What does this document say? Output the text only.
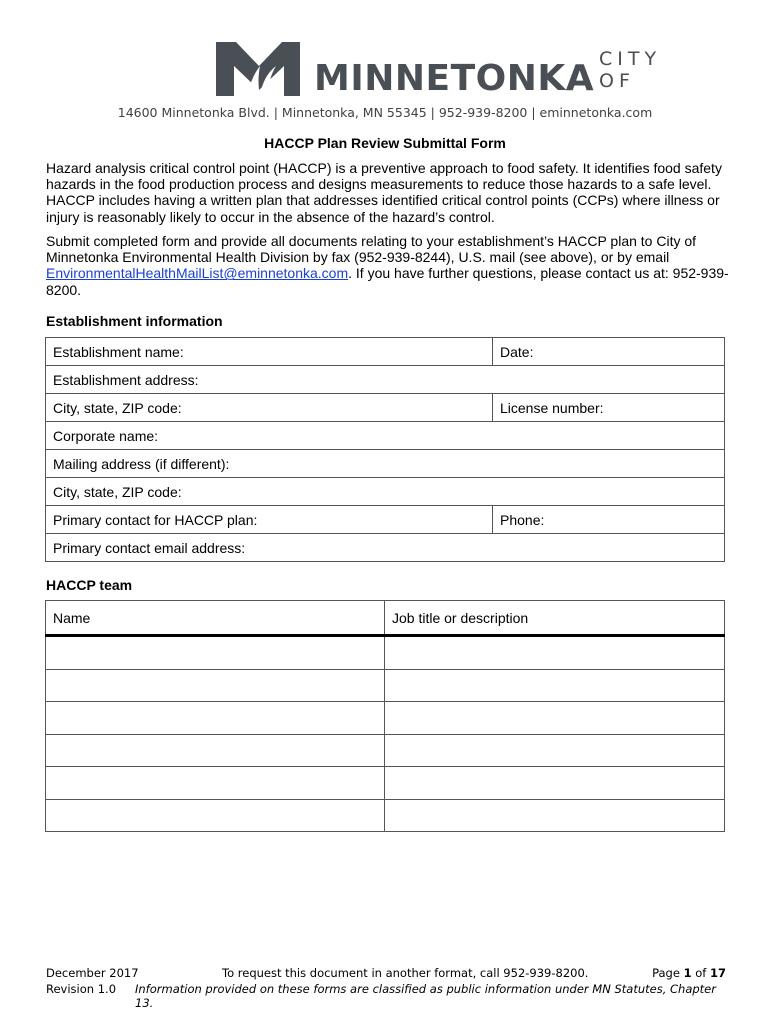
CITY OF
MINNETONKA
14600 Minnetonka Blvd. | Minnetonka, MN 55345 | 952-939-8200 | eminnetonka.com
HACCP Plan Review Submittal Form

Hazard analysis critical control point (HACCP) is a preventive approach to food safety. It identifies food safety hazards in the food production process and designs measurements to reduce those hazards to a safe level. HACCP includes having a written plan that addresses identified critical control points (CCPs) where illness or injury is reasonably likely to occur in the absence of the hazard’s control.

Submit completed form and provide all documents relating to your establishment’s HACCP plan to City of Minnetonka Environmental Health Division by fax (952-939-8244), U.S. mail (see above), or by email EnvironmentalHealthMailList@eminnetonka.com. If you have further questions, please contact us at: 952-939-8200.

Establishment information
Establishment name:	Date:
Establishment address:	
City, state, ZIP code:	License number:
Corporate name:	
Mailing address (if different):	
City, state, ZIP code:	
Primary contact for HACCP plan:	Phone:
Primary contact email address:	
HACCP team
Name	Job title or description

December 2017	To request this document in another format, call 952-939-8200.	Page 1 of 17
Revision 1.0 Information provided on these forms are classified as public information under MN Statutes, Chapter 13.
